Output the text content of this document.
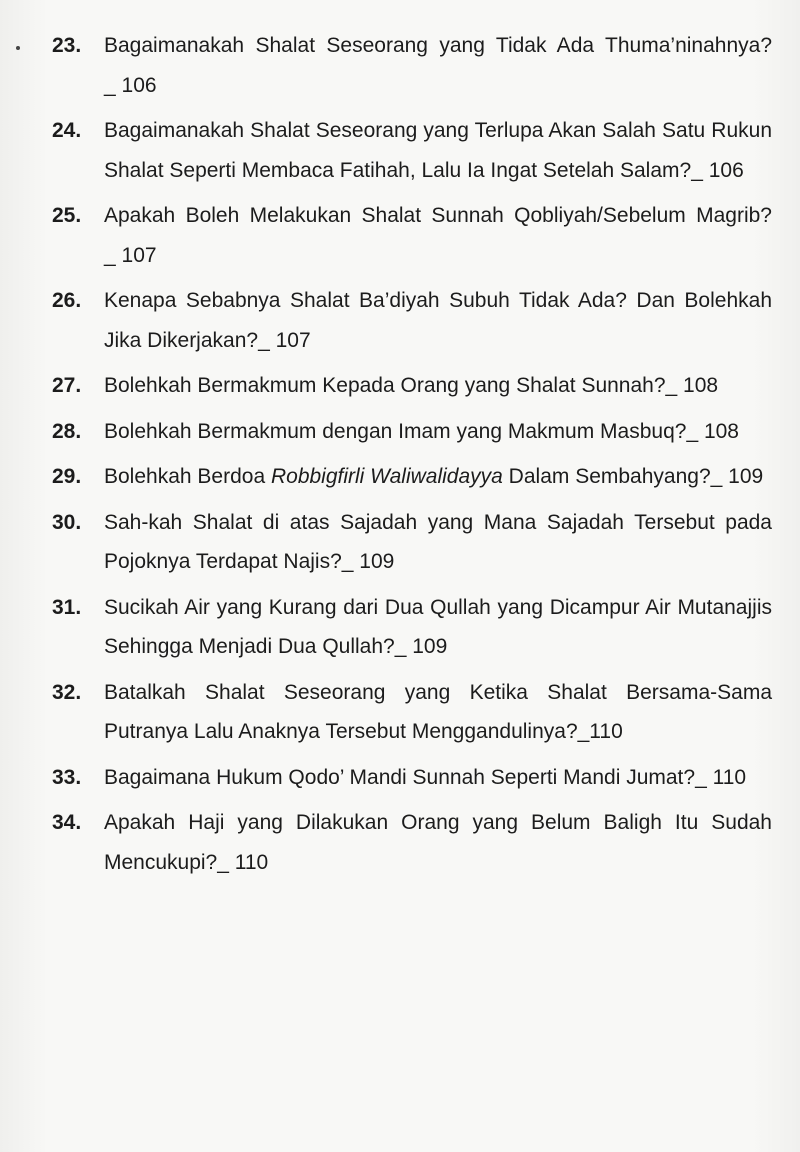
23.	Bagaimanakah Shalat Seseorang yang Tidak Ada Thuma’ninahnya?_ 106
24.	Bagaimanakah Shalat Seseorang yang Terlupa Akan Salah Satu Rukun Shalat Seperti Membaca Fatihah, Lalu Ia Ingat Setelah Salam?_ 106
25.	Apakah Boleh Melakukan Shalat Sunnah Qobliyah/Sebelum Magrib?_ 107
26.	Kenapa Sebabnya Shalat Ba’diyah Subuh Tidak Ada? Dan Bolehkah Jika Dikerjakan?_ 107
27.	Bolehkah Bermakmum Kepada Orang yang Shalat Sunnah?_ 108
28.	Bolehkah Bermakmum dengan Imam yang Makmum Masbuq?_ 108
29.	Bolehkah Berdoa Robbigfirli Waliwalidayya Dalam Sembahyang?_ 109
30.	Sah-kah Shalat di atas Sajadah yang Mana Sajadah Tersebut pada Pojoknya Terdapat Najis?_ 109
31.	Sucikah Air yang Kurang dari Dua Qullah yang Dicampur Air Mutanajjis Sehingga Menjadi Dua Qullah?_ 109
32.	Batalkah Shalat Seseorang yang Ketika Shalat Bersama-Sama Putranya Lalu Anaknya Tersebut Menggandulinya?_110
33.	Bagaimana Hukum Qodo’ Mandi Sunnah Seperti Mandi Jumat?_ 110
34.	Apakah Haji yang Dilakukan Orang yang Belum Baligh Itu Sudah Mencukupi?_ 110
